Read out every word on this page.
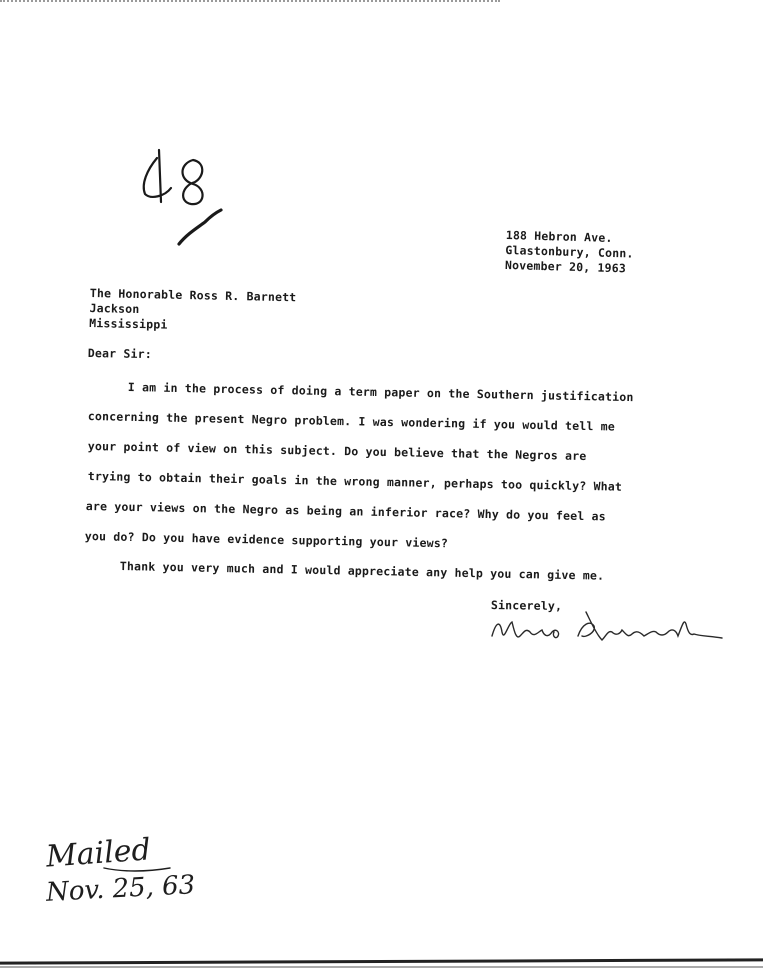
188 Hebron Ave.
Glastonbury, Conn.
November 20, 1963
The Honorable Ross R. Barnett
Jackson
Mississippi
Dear Sir:
I am in the process of doing a term paper on the Southern justification
concerning the present Negro problem. I was wondering if you would tell me
your point of view on this subject. Do you believe that the Negros are
trying to obtain their goals in the wrong manner, perhaps too quickly? What
are your views on the Negro as being an inferior race? Why do you feel as
you do? Do you have evidence supporting your views?
Thank you very much and I would appreciate any help you can give me.
Sincerely,
Mailed
Nov. 25, 63
